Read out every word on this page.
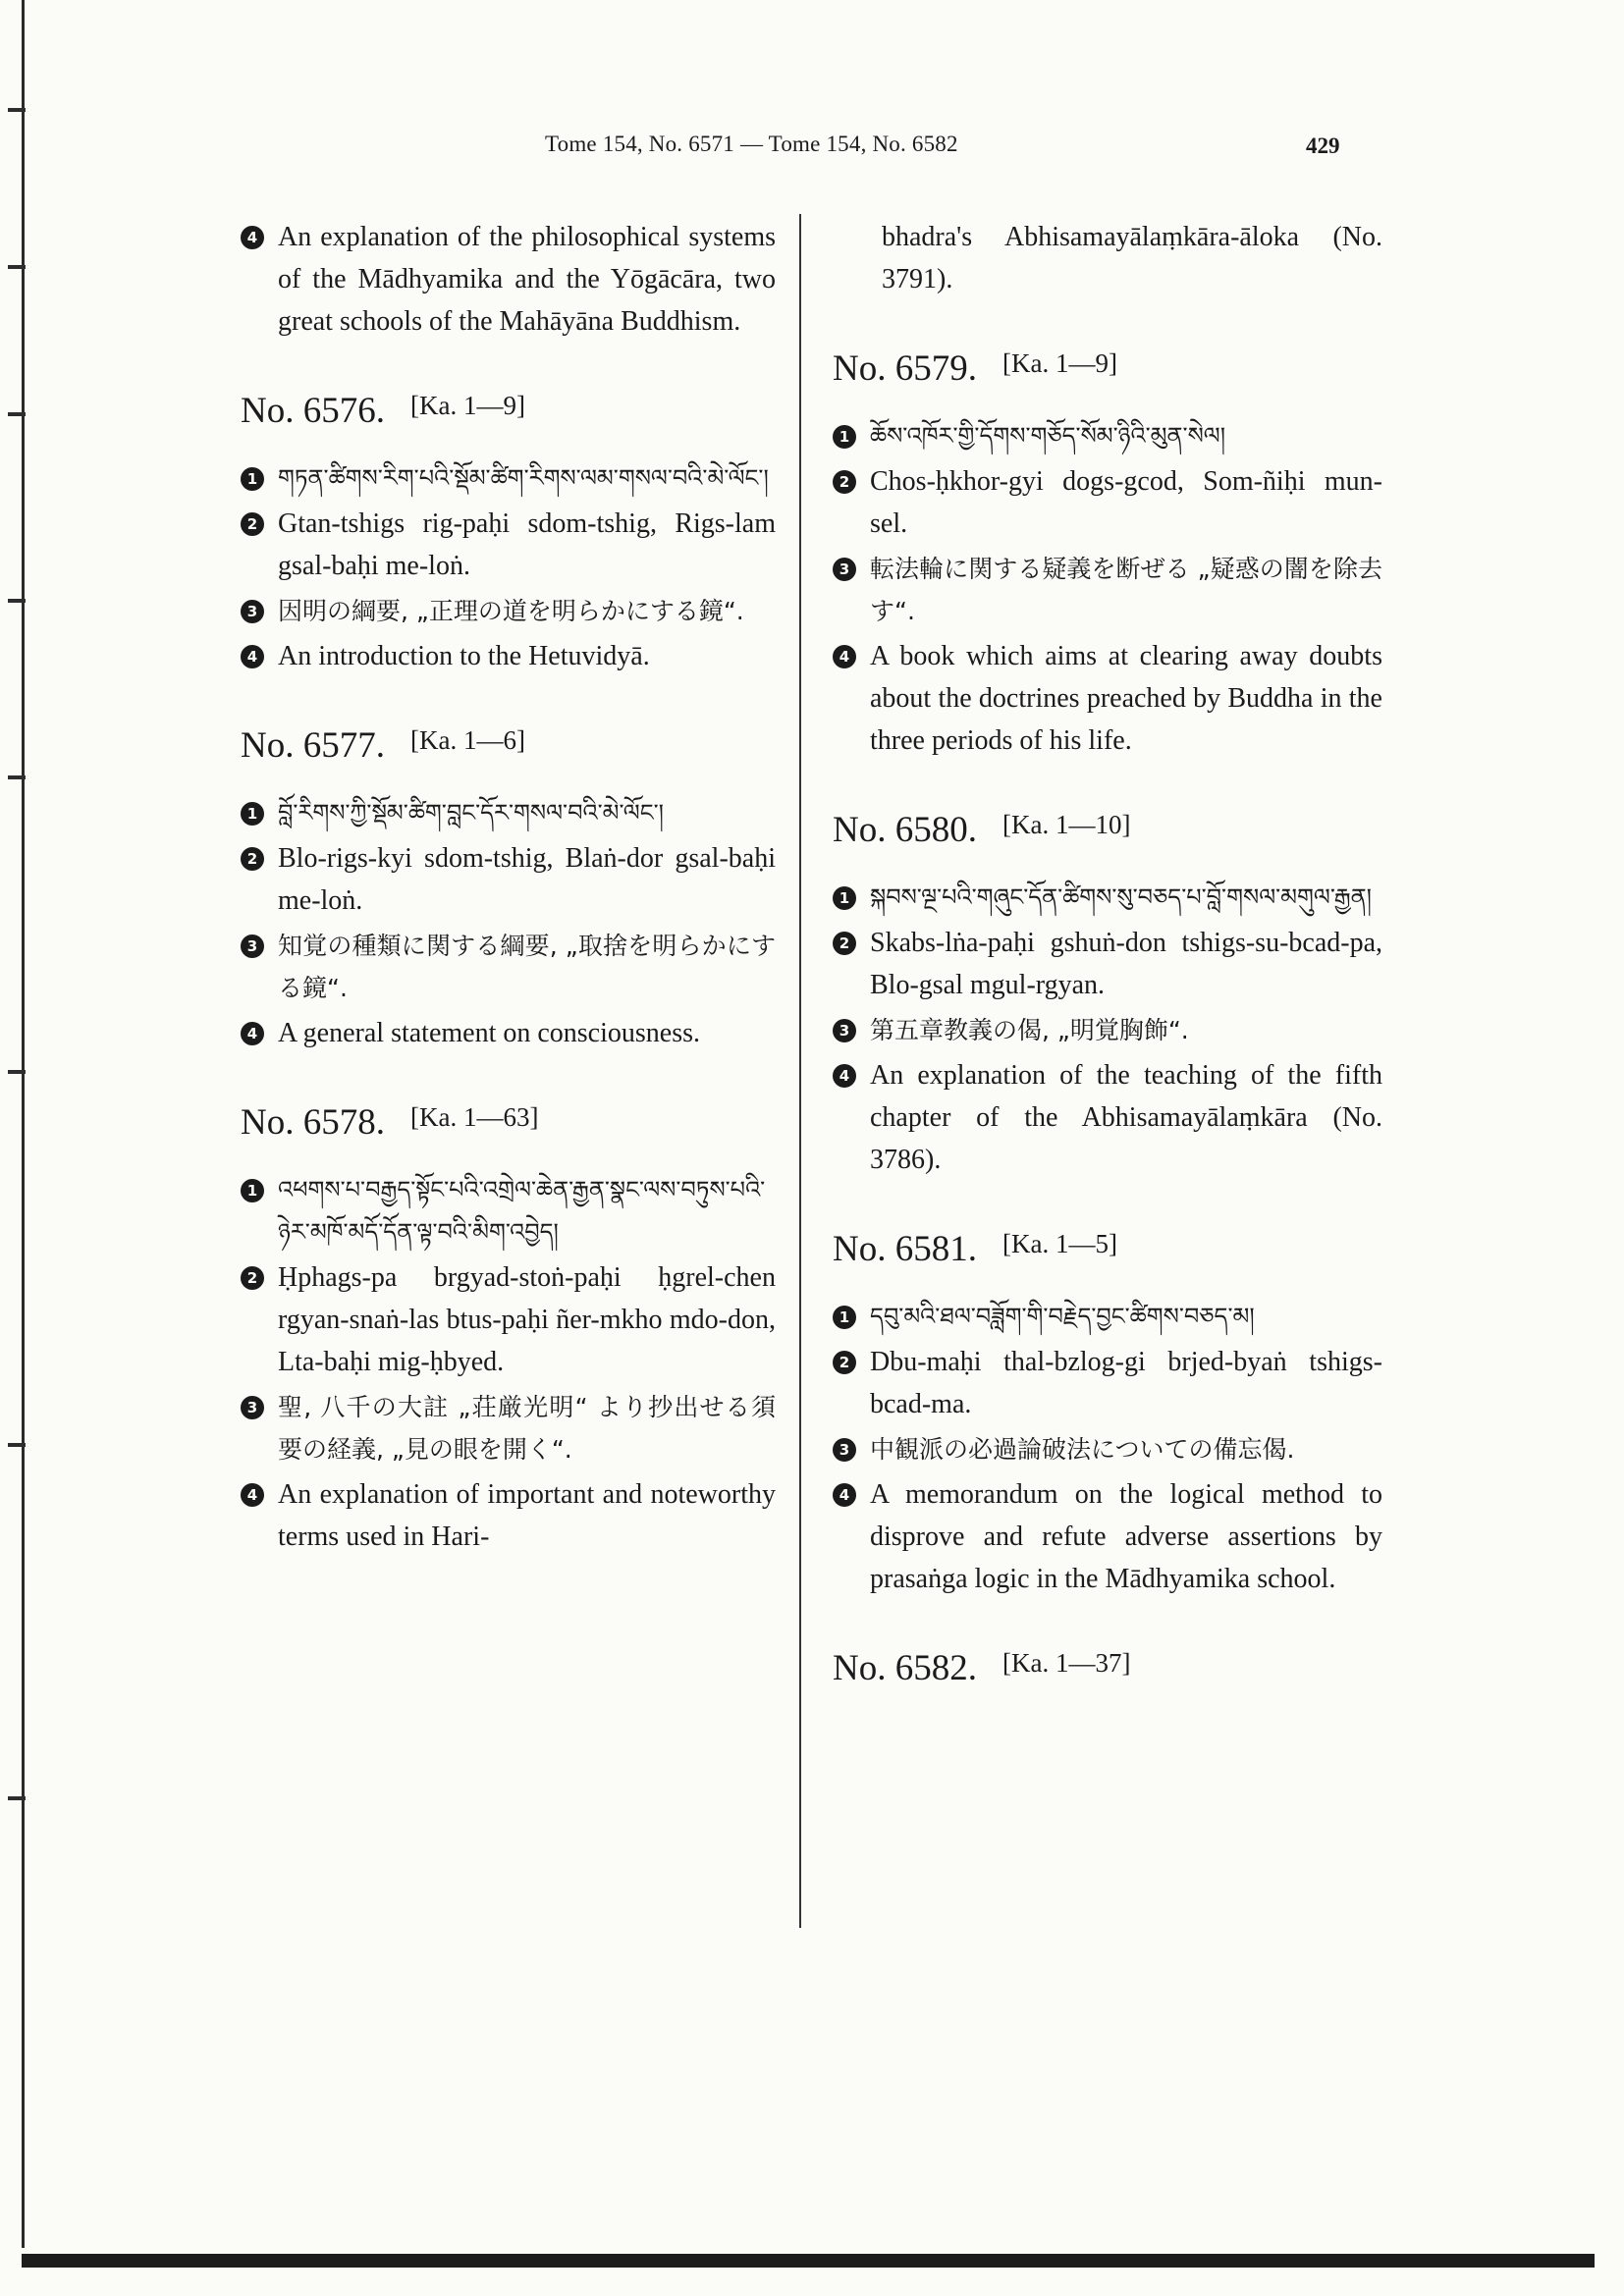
Tome 154, No. 6571 — Tome 154, No. 6582	429
4 An explanation of the philosophical systems of the Mādhyamika and the Yōgācāra, two great schools of the Mahāyāna Buddhism.
No. 6576. [Ka. 1—9]
1 གཏན་ཚིགས་རིག་པའི་སྡོམ་ཚིག་རིགས་ལམ་གསལ་བའི་མེ་ལོང་།
2 Gtan-tshigs rig-paḥi sdom-tshig, Rigs-lam gsal-baḥi me-loṅ.
3 因明の綱要, „正理の道を明らかにする鏡“.
4 An introduction to the Hetuvidyā.
No. 6577. [Ka. 1—6]
1 བློ་རིགས་ཀྱི་སྡོམ་ཚིག་བླང་དོར་གསལ་བའི་མེ་ལོང་།
2 Blo-rigs-kyi sdom-tshig, Blaṅ-dor gsal-baḥi me-loṅ.
3 知覚の種類に関する綱要, „取捨を明らかにする鏡“.
4 A general statement on consciousness.
No. 6578. [Ka. 1—63]
1 འཕགས་པ་བརྒྱད་སྟོང་པའི་འགྲེལ་ཆེན་རྒྱན་སྣང་ལས་བཏུས་པའི་ཉེར་མཁོ་མདོ་དོན་ལྟ་བའི་མིག་འབྱེད།
2 Ḥphags-pa brgyad-stoṅ-paḥi ḥgrel-chen rgyan-snaṅ-las btus-paḥi ñer-mkho mdo-don, Lta-baḥi mig-ḥbyed.
3 聖, 八千の大註 „荘厳光明“ より抄出せる須要の経義, „見の眼を開く“.
4 An explanation of important and noteworthy terms used in Hari-
bhadra's Abhisamayālaṃkāra-āloka (No. 3791).
No. 6579. [Ka. 1—9]
1 ཆོས་འཁོར་གྱི་དོགས་གཅོད་སོམ་ཉིའི་མུན་སེལ།
2 Chos-ḥkhor-gyi dogs-gcod, Som-ñiḥi mun-sel.
3 転法輪に関する疑義を断ぜる „疑惑の闇を除去す“.
4 A book which aims at clearing away doubts about the doctrines preached by Buddha in the three periods of his life.
No. 6580. [Ka. 1—10]
1 སྐབས་ལྔ་པའི་གཞུང་དོན་ཚིགས་སུ་བཅད་པ་བློ་གསལ་མགུལ་རྒྱན།
2 Skabs-lṅa-paḥi gshuṅ-don tshigs-su-bcad-pa, Blo-gsal mgul-rgyan.
3 第五章教義の偈, „明覚胸飾“.
4 An explanation of the teaching of the fifth chapter of the Abhisamayālaṃkāra (No. 3786).
No. 6581. [Ka. 1—5]
1 དབུ་མའི་ཐལ་བཟློག་གི་བརྗེད་བྱང་ཚིགས་བཅད་མ།
2 Dbu-maḥi thal-bzlog-gi brjed-byaṅ tshigs-bcad-ma.
3 中観派の必過論破法についての備忘偈.
4 A memorandum on the logical method to disprove and refute adverse assertions by prasaṅga logic in the Mādhyamika school.
No. 6582. [Ka. 1—37]
